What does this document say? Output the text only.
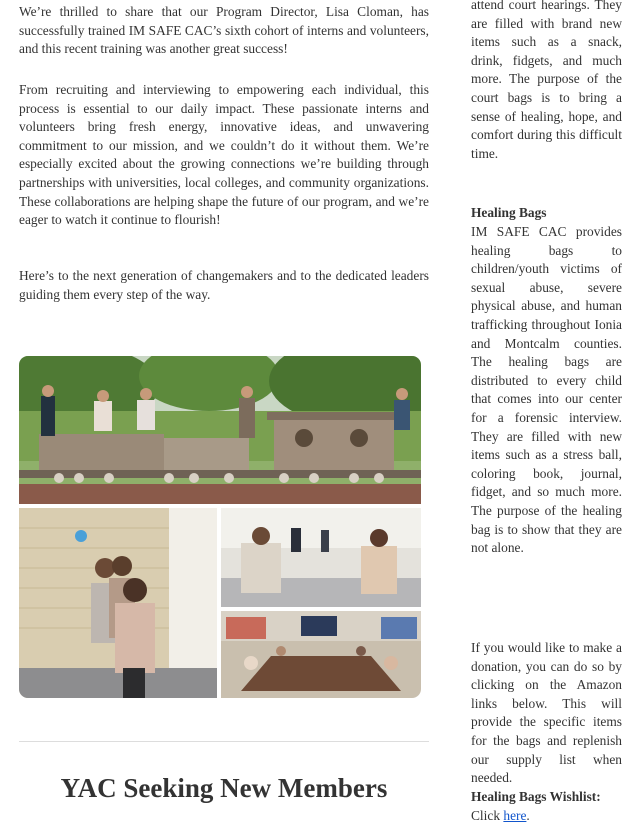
We’re thrilled to share that our Program Director, Lisa Cloman, has successfully trained IM SAFE CAC’s sixth cohort of interns and volunteers, and this recent training was another great success!

From recruiting and interviewing to empowering each individual, this process is essential to our daily impact. These passionate interns and volunteers bring fresh energy, innovative ideas, and unwavering commitment to our mission, and we couldn’t do it without them. We’re especially excited about the growing connections we’re building through partnerships with universities, local colleges, and community organizations. These collaborations are helping shape the future of our program, and we’re eager to watch it continue to flourish!

Here’s to the next generation of changemakers and to the dedicated leaders guiding them every step of the way.

YAC Seeking New Members

attend court hearings. They are filled with brand new items such as a snack, drink, fidgets, and much more. The purpose of the court bags is to bring a sense of healing, hope, and comfort during this difficult time.

Healing Bags

IM SAFE CAC provides healing bags to children/youth victims of sexual abuse, severe physical abuse, and human trafficking throughout Ionia and Montcalm counties. The healing bags are distributed to every child that comes into our center for a forensic interview. They are filled with new items such as a stress ball, coloring book, journal, fidget, and so much more. The purpose of the healing bag is to show that they are not alone.

If you would like to make a donation, you can do so by clicking on the Amazon links below. This will provide the specific items for the bags and replenish our supply list when needed.

Healing Bags Wishlist:
Click here.
